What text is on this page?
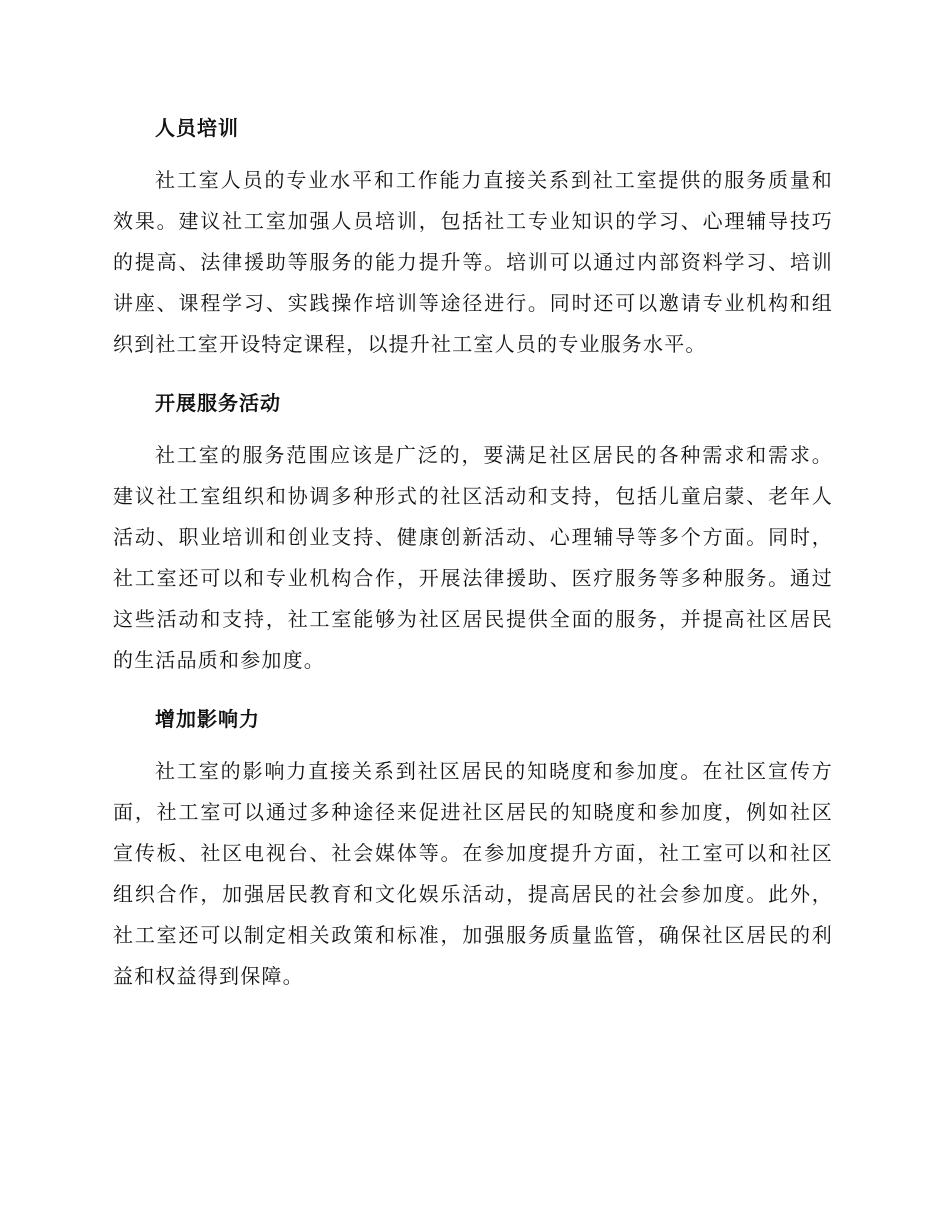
人员培训

社工室人员的专业水平和工作能力直接关系到社工室提供的服务质量和效果。建议社工室加强人员培训，包括社工专业知识的学习、心理辅导技巧的提高、法律援助等服务的能力提升等。培训可以通过内部资料学习、培训讲座、课程学习、实践操作培训等途径进行。同时还可以邀请专业机构和组织到社工室开设特定课程，以提升社工室人员的专业服务水平。

开展服务活动

社工室的服务范围应该是广泛的，要满足社区居民的各种需求和需求。建议社工室组织和协调多种形式的社区活动和支持，包括儿童启蒙、老年人活动、职业培训和创业支持、健康创新活动、心理辅导等多个方面。同时，社工室还可以和专业机构合作，开展法律援助、医疗服务等多种服务。通过这些活动和支持，社工室能够为社区居民提供全面的服务，并提高社区居民的生活品质和参加度。

增加影响力

社工室的影响力直接关系到社区居民的知晓度和参加度。在社区宣传方面，社工室可以通过多种途径来促进社区居民的知晓度和参加度，例如社区宣传板、社区电视台、社会媒体等。在参加度提升方面，社工室可以和社区组织合作，加强居民教育和文化娱乐活动，提高居民的社会参加度。此外，社工室还可以制定相关政策和标准，加强服务质量监管，确保社区居民的利益和权益得到保障。
